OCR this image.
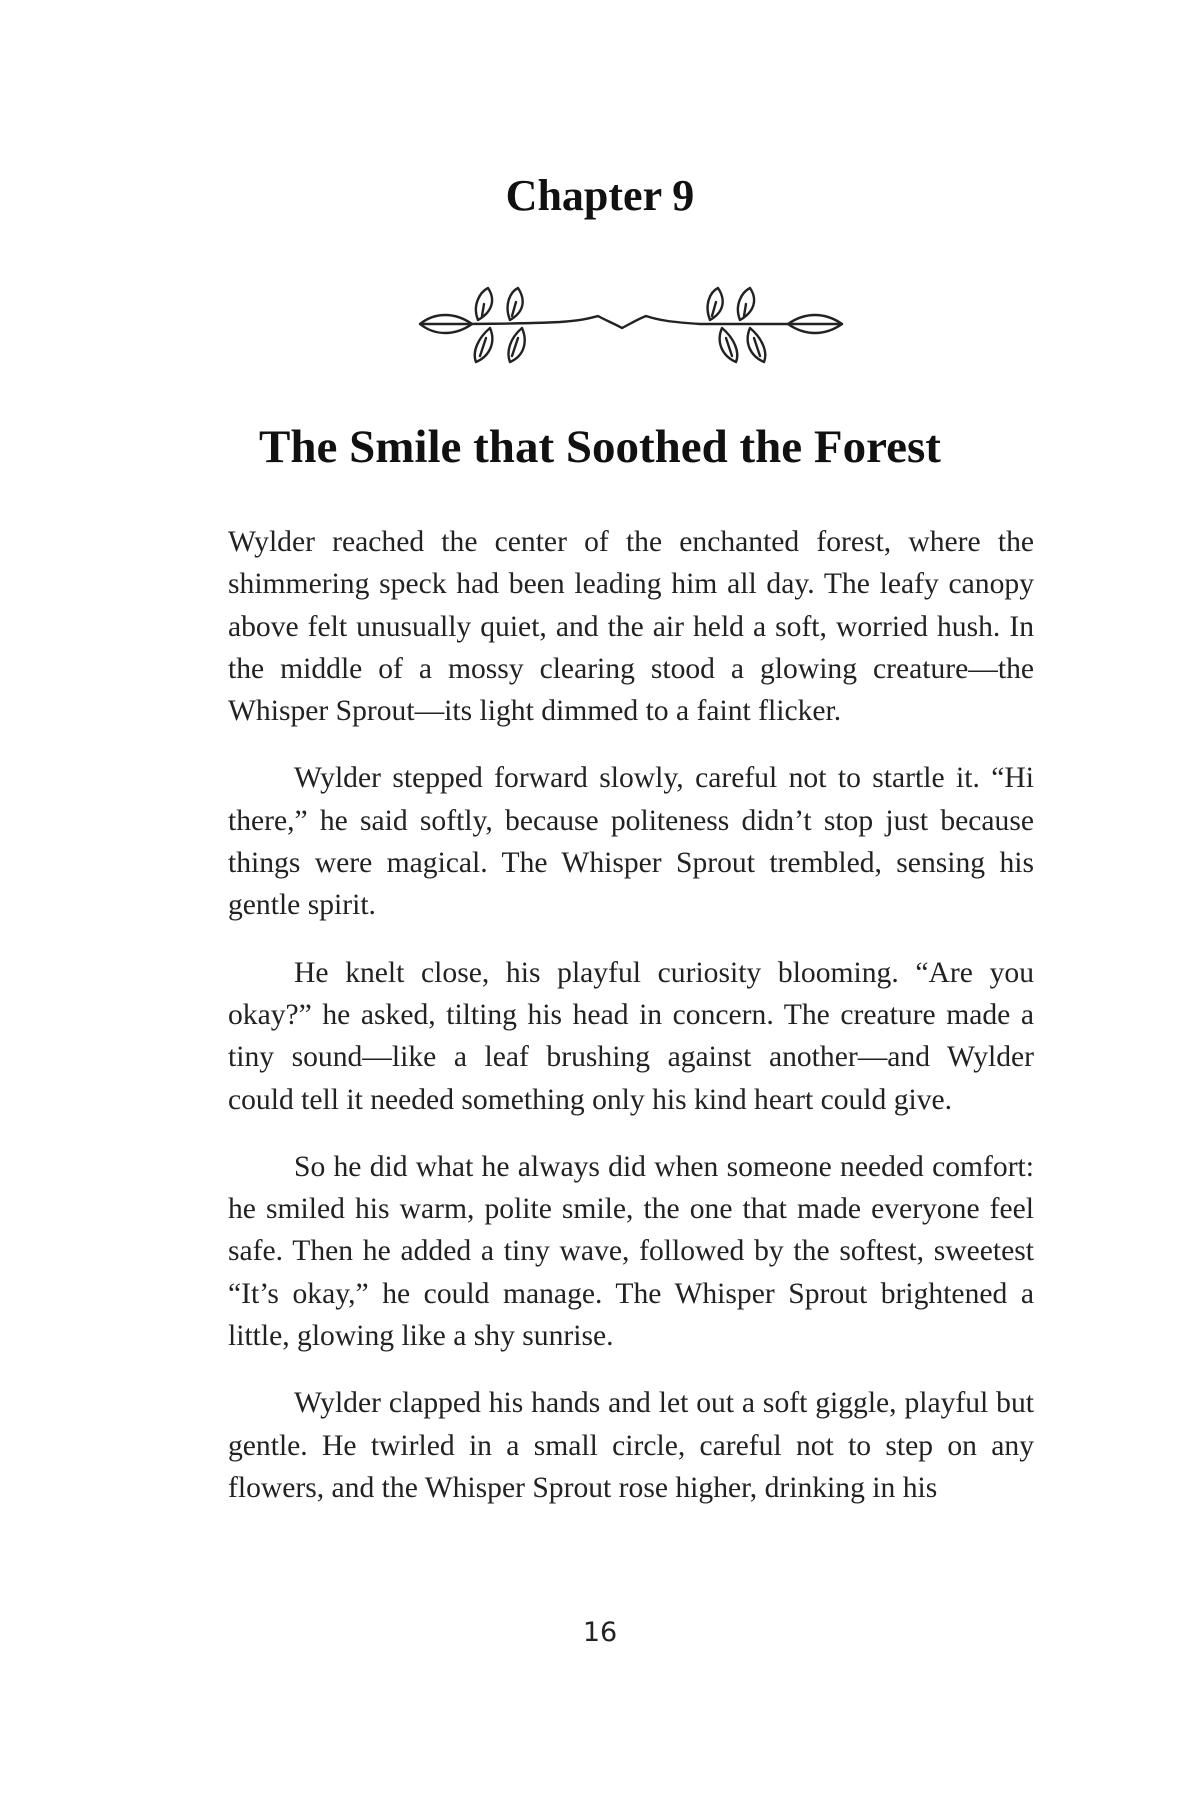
Chapter 9
The Smile that Soothed the Forest

Wylder reached the center of the enchanted forest, where the shimmering speck had been leading him all day. The leafy canopy above felt unusually quiet, and the air held a soft, worried hush. In the middle of a mossy clearing stood a glowing creature—the Whisper Sprout—its light dimmed to a faint flicker.

Wylder stepped forward slowly, careful not to startle it. “Hi there,” he said softly, because politeness didn’t stop just because things were magical. The Whisper Sprout trembled, sensing his gentle spirit.

He knelt close, his playful curiosity blooming. “Are you okay?” he asked, tilting his head in concern. The creature made a tiny sound—like a leaf brushing against another—and Wylder could tell it needed something only his kind heart could give.

So he did what he always did when someone needed comfort: he smiled his warm, polite smile, the one that made everyone feel safe. Then he added a tiny wave, followed by the softest, sweetest “It’s okay,” he could manage. The Whisper Sprout brightened a little, glowing like a shy sunrise.

Wylder clapped his hands and let out a soft giggle, playful but gentle. He twirled in a small circle, careful not to step on any flowers, and the Whisper Sprout rose higher, drinking in his

16
